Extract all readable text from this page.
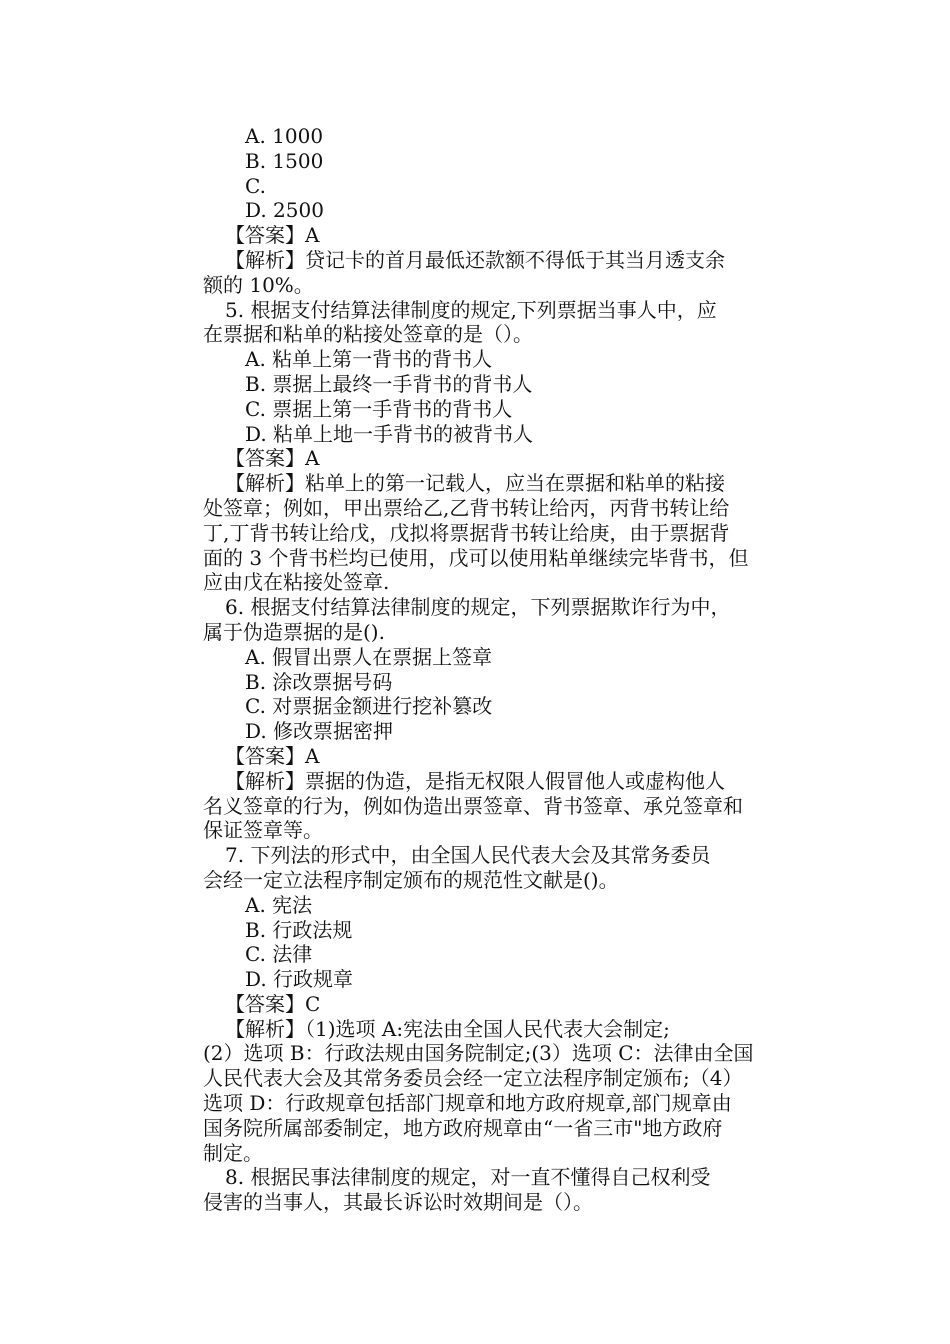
A. 1000
B. 1500
C.
D. 2500
【答案】A
【解析】贷记卡的首月最低还款额不得低于其当月透支余
额的 10%。
5. 根据支付结算法律制度的规定,下列票据当事人中，应
在票据和粘单的粘接处签章的是（）。
A. 粘单上第一背书的背书人
B. 票据上最终一手背书的背书人
C. 票据上第一手背书的背书人
D. 粘单上地一手背书的被背书人
【答案】A
【解析】粘单上的第一记载人，应当在票据和粘单的粘接
处签章；例如，甲出票给乙,乙背书转让给丙，丙背书转让给
丁,丁背书转让给戊，戊拟将票据背书转让给庚，由于票据背
面的 3 个背书栏均已使用，戊可以使用粘单继续完毕背书，但
应由戊在粘接处签章.
6. 根据支付结算法律制度的规定，下列票据欺诈行为中，
属于伪造票据的是().
A. 假冒出票人在票据上签章
B. 涂改票据号码
C. 对票据金额进行挖补篡改
D. 修改票据密押
【答案】A
【解析】票据的伪造，是指无权限人假冒他人或虚构他人
名义签章的行为，例如伪造出票签章、背书签章、承兑签章和
保证签章等。
7. 下列法的形式中，由全国人民代表大会及其常务委员
会经一定立法程序制定颁布的规范性文献是()。
A. 宪法
B. 行政法规
C. 法律
D. 行政规章
【答案】C
【解析】（1)选项 A:宪法由全国人民代表大会制定;
(2）选项 B：行政法规由国务院制定;(3）选项 C：法律由全国
人民代表大会及其常务委员会经一定立法程序制定颁布;（4）
选项 D：行政规章包括部门规章和地方政府规章,部门规章由
国务院所属部委制定，地方政府规章由“一省三市"地方政府
制定。
8. 根据民事法律制度的规定，对一直不懂得自己权利受
侵害的当事人，其最长诉讼时效期间是（）。
